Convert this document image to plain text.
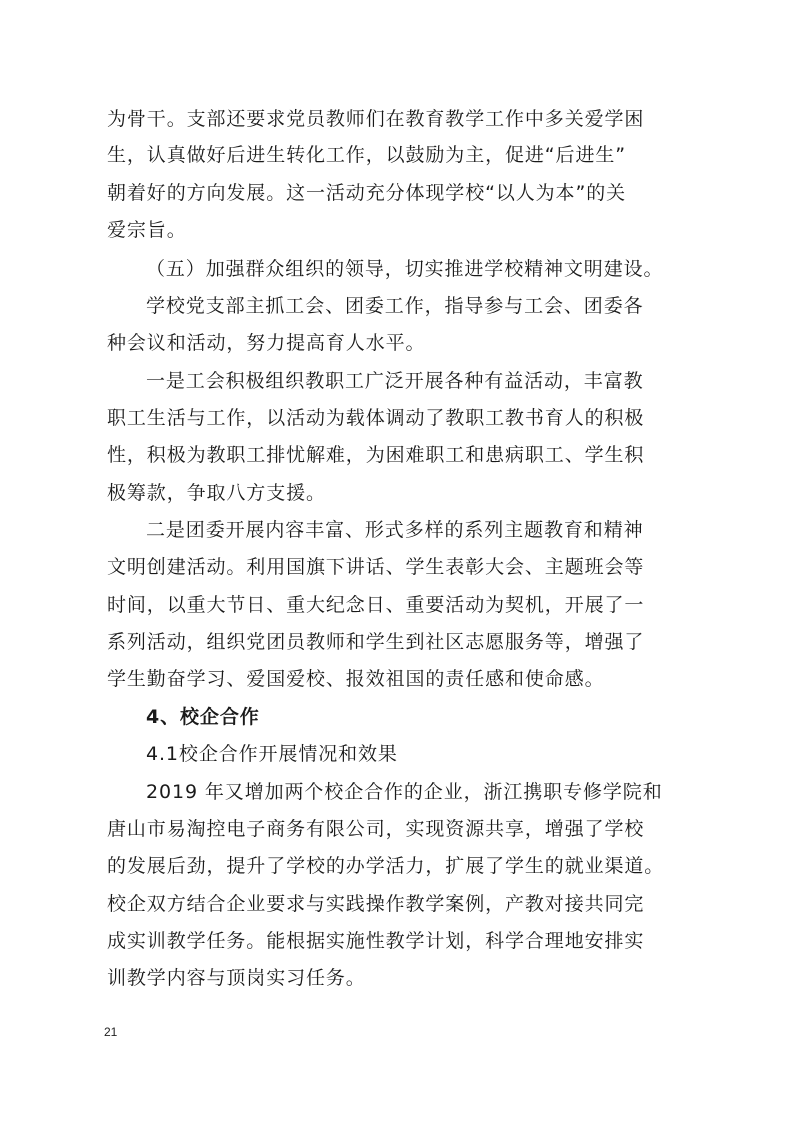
为骨干。支部还要求党员教师们在教育教学工作中多关爱学困
生，认真做好后进生转化工作，以鼓励为主，促进“后进生”
朝着好的方向发展。这一活动充分体现学校“以人为本”的关
爱宗旨。
（五）加强群众组织的领导，切实推进学校精神文明建设。
学校党支部主抓工会、团委工作，指导参与工会、团委各
种会议和活动，努力提高育人水平。
一是工会积极组织教职工广泛开展各种有益活动，丰富教
职工生活与工作，以活动为载体调动了教职工教书育人的积极
性，积极为教职工排忧解难，为困难职工和患病职工、学生积
极筹款，争取八方支援。
二是团委开展内容丰富、形式多样的系列主题教育和精神
文明创建活动。利用国旗下讲话、学生表彰大会、主题班会等
时间，以重大节日、重大纪念日、重要活动为契机，开展了一
系列活动，组织党团员教师和学生到社区志愿服务等，增强了
学生勤奋学习、爱国爱校、报效祖国的责任感和使命感。
4、校企合作
4.1校企合作开展情况和效果
2019 年又增加两个校企合作的企业，浙江携职专修学院和
唐山市易淘控电子商务有限公司，实现资源共享，增强了学校
的发展后劲，提升了学校的办学活力，扩展了学生的就业渠道。
校企双方结合企业要求与实践操作教学案例，产教对接共同完
成实训教学任务。能根据实施性教学计划，科学合理地安排实
训教学内容与顶岗实习任务。
21
